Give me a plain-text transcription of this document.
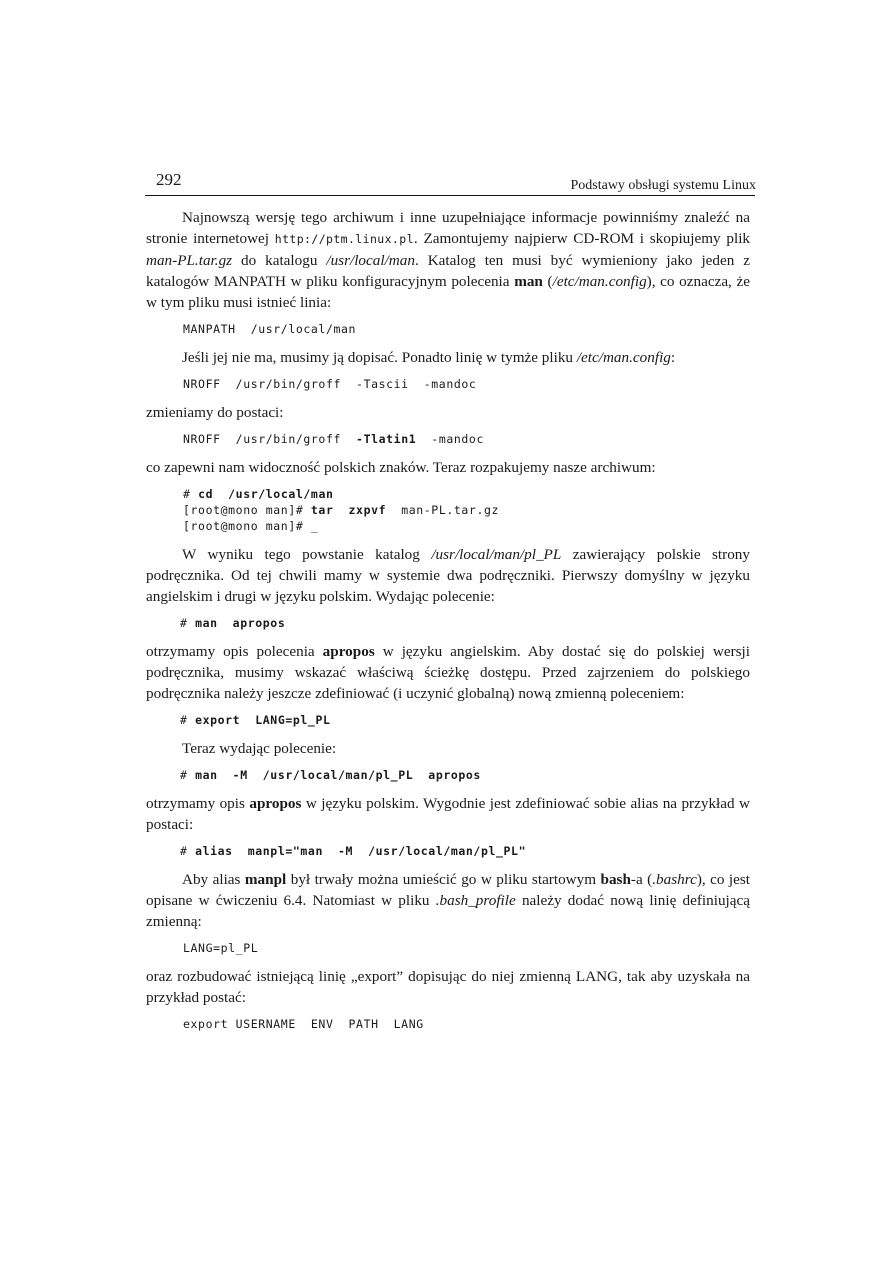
292	Podstawy obsługi systemu Linux

Najnowszą wersję tego archiwum i inne uzupełniające informacje powinniśmy znaleźć na stronie internetowej http://ptm.linux.pl. Zamontujemy najpierw CD-ROM i skopiujemy plik man-PL.tar.gz do katalogu /usr/local/man. Katalog ten musi być wymieniony jako jeden z katalogów MANPATH w pliku konfiguracyjnym polecenia man (/etc/man.config), co oznacza, że w tym pliku musi istnieć linia:

MANPATH  /usr/local/man

Jeśli jej nie ma, musimy ją dopisać. Ponadto linię w tymże pliku /etc/man.config:

NROFF  /usr/bin/groff  -Tascii  -mandoc

zmieniamy do postaci:

NROFF  /usr/bin/groff  -Tlatin1  -mandoc

co zapewni nam widoczność polskich znaków. Teraz rozpakujemy nasze archiwum:

# cd  /usr/local/man
[root@mono man]# tar  zxpvf  man-PL.tar.gz
[root@mono man]# _

W wyniku tego powstanie katalog /usr/local/man/pl_PL zawierający polskie strony podręcznika. Od tej chwili mamy w systemie dwa podręczniki. Pierwszy domyślny w języku angielskim i drugi w języku polskim. Wydając polecenie:

# man  apropos

otrzymamy opis polecenia apropos w języku angielskim. Aby dostać się do polskiej wersji podręcznika, musimy wskazać właściwą ścieżkę dostępu. Przed zajrzeniem do polskiego podręcznika należy jeszcze zdefiniować (i uczynić globalną) nową zmienną poleceniem:

# export  LANG=pl_PL

Teraz wydając polecenie:

# man  -M  /usr/local/man/pl_PL  apropos

otrzymamy opis apropos w języku polskim. Wygodnie jest zdefiniować sobie alias na przykład w postaci:

# alias  manpl="man  -M  /usr/local/man/pl_PL"

Aby alias manpl był trwały można umieścić go w pliku startowym bash-a (.bashrc), co jest opisane w ćwiczeniu 6.4. Natomiast w pliku .bash_profile należy dodać nową linię definiującą zmienną:

LANG=pl_PL

oraz rozbudować istniejącą linię „export” dopisując do niej zmienną LANG, tak aby uzyskała na przykład postać:

export USERNAME  ENV  PATH  LANG
